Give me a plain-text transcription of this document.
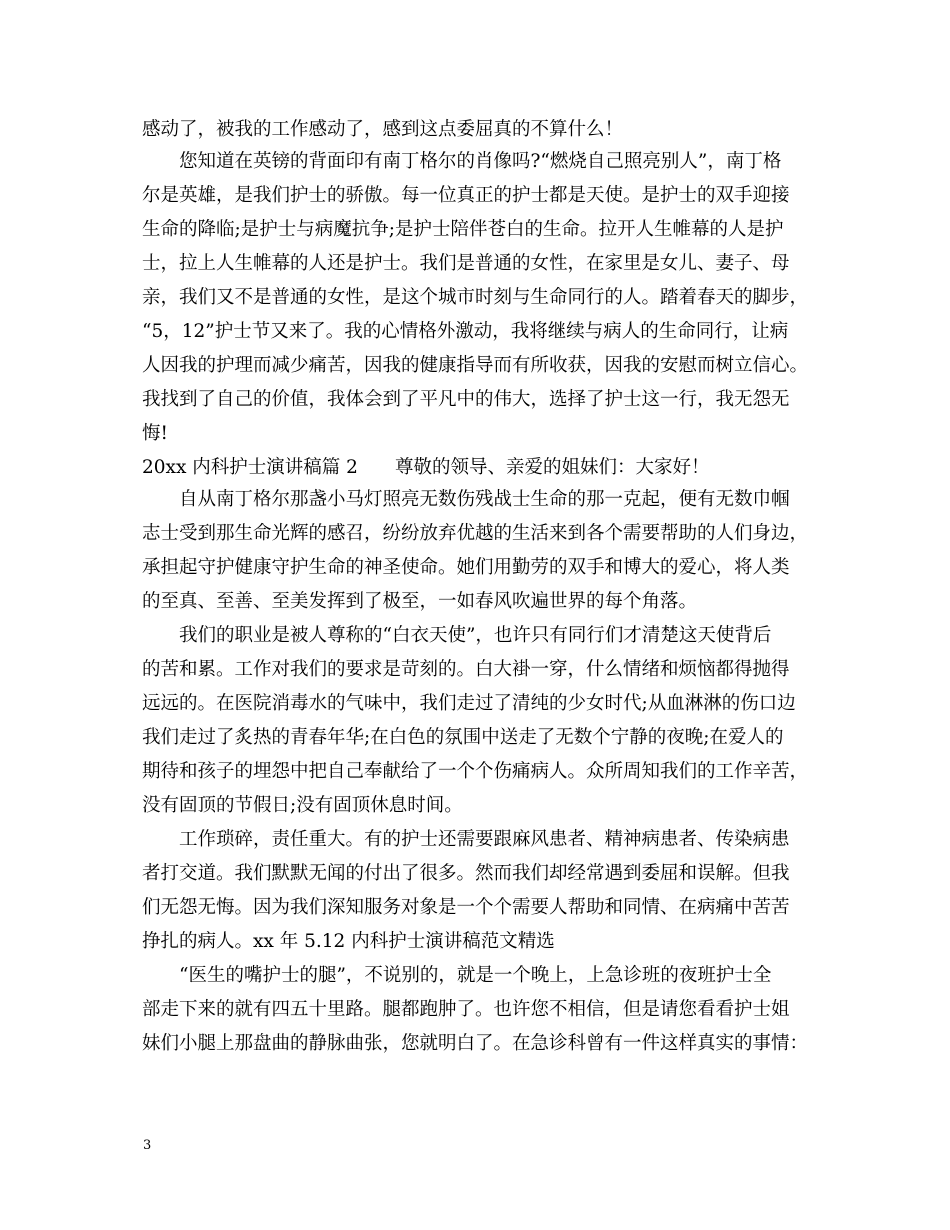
感动了，被我的工作感动了，感到这点委屈真的不算什么！
您知道在英镑的背面印有南丁格尔的肖像吗?“燃烧自己照亮别人”，南丁格
尔是英雄，是我们护士的骄傲。每一位真正的护士都是天使。是护士的双手迎接
生命的降临;是护士与病魔抗争;是护士陪伴苍白的生命。拉开人生帷幕的人是护
士，拉上人生帷幕的人还是护士。我们是普通的女性，在家里是女儿、妻子、母
亲，我们又不是普通的女性，是这个城市时刻与生命同行的人。踏着春天的脚步，
“5，12”护士节又来了。我的心情格外激动，我将继续与病人的生命同行，让病
人因我的护理而减少痛苦，因我的健康指导而有所收获，因我的安慰而树立信心。
我找到了自己的价值，我体会到了平凡中的伟大，选择了护士这一行，我无怨无
悔!
20xx 内科护士演讲稿篇 2　　尊敬的领导、亲爱的姐妹们：大家好！
自从南丁格尔那盏小马灯照亮无数伤残战士生命的那一克起，便有无数巾帼
志士受到那生命光辉的感召，纷纷放弃优越的生活来到各个需要帮助的人们身边，
承担起守护健康守护生命的神圣使命。她们用勤劳的双手和博大的爱心，将人类
的至真、至善、至美发挥到了极至，一如春风吹遍世界的每个角落。
我们的职业是被人尊称的“白衣天使”，也许只有同行们才清楚这天使背后
的苦和累。工作对我们的要求是苛刻的。白大褂一穿，什么情绪和烦恼都得抛得
远远的。在医院消毒水的气味中，我们走过了清纯的少女时代;从血淋淋的伤口边
我们走过了炙热的青春年华;在白色的氛围中送走了无数个宁静的夜晚;在爱人的
期待和孩子的埋怨中把自己奉献给了一个个伤痛病人。众所周知我们的工作辛苦，
没有固顶的节假日;没有固顶休息时间。
工作琐碎，责任重大。有的护士还需要跟麻风患者、精神病患者、传染病患
者打交道。我们默默无闻的付出了很多。然而我们却经常遇到委屈和误解。但我
们无怨无悔。因为我们深知服务对象是一个个需要人帮助和同情、在病痛中苦苦
挣扎的病人。xx 年 5.12 内科护士演讲稿范文精选
“医生的嘴护士的腿”，不说别的，就是一个晚上，上急诊班的夜班护士全
部走下来的就有四五十里路。腿都跑肿了。也许您不相信，但是请您看看护士姐
妹们小腿上那盘曲的静脉曲张，您就明白了。在急诊科曾有一件这样真实的事情：
3
